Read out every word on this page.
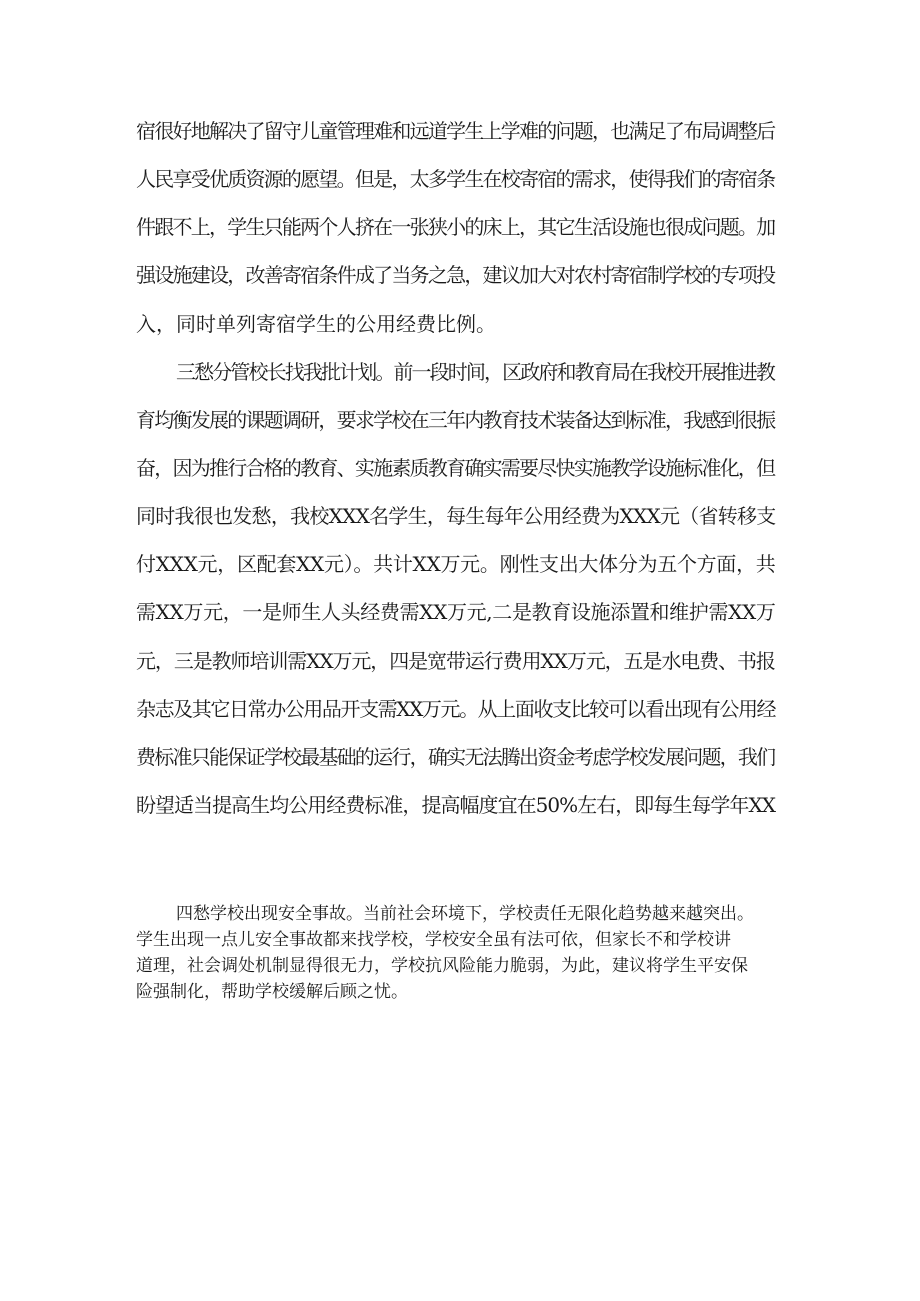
宿很好地解决了留守儿童管理难和远道学生上学难的问题，也满足了布局调整后
人民享受优质资源的愿望。但是，太多学生在校寄宿的需求，使得我们的寄宿条
件跟不上，学生只能两个人挤在一张狭小的床上，其它生活设施也很成问题。加
强设施建设，改善寄宿条件成了当务之急，建议加大对农村寄宿制学校的专项投
入，同时单列寄宿学生的公用经费比例。
三愁分管校长找我批计划。前一段时间，区政府和教育局在我校开展推进教
育均衡发展的课题调研，要求学校在三年内教育技术装备达到标准，我感到很振
奋，因为推行合格的教育、实施素质教育确实需要尽快实施教学设施标准化，但
同时我很也发愁，我校XXX名学生，每生每年公用经费为XXX元（省转移支
付XXX元，区配套XX元）。共计XX万元。刚性支出大体分为五个方面，共
需XX万元，一是师生人头经费需XX万元,二是教育设施添置和维护需XX万
元，三是教师培训需XX万元，四是宽带运行费用XX万元，五是水电费、书报
杂志及其它日常办公用品开支需XX万元。从上面收支比较可以看出现有公用经
费标准只能保证学校最基础的运行，确实无法腾出资金考虑学校发展问题，我们
盼望适当提高生均公用经费标准，提高幅度宜在50%左右，即每生每学年XX
四愁学校出现安全事故。当前社会环境下，学校责任无限化趋势越来越突出。
学生出现一点儿安全事故都来找学校，学校安全虽有法可依，但家长不和学校讲
道理，社会调处机制显得很无力，学校抗风险能力脆弱，为此，建议将学生平安保
险强制化，帮助学校缓解后顾之忧。
